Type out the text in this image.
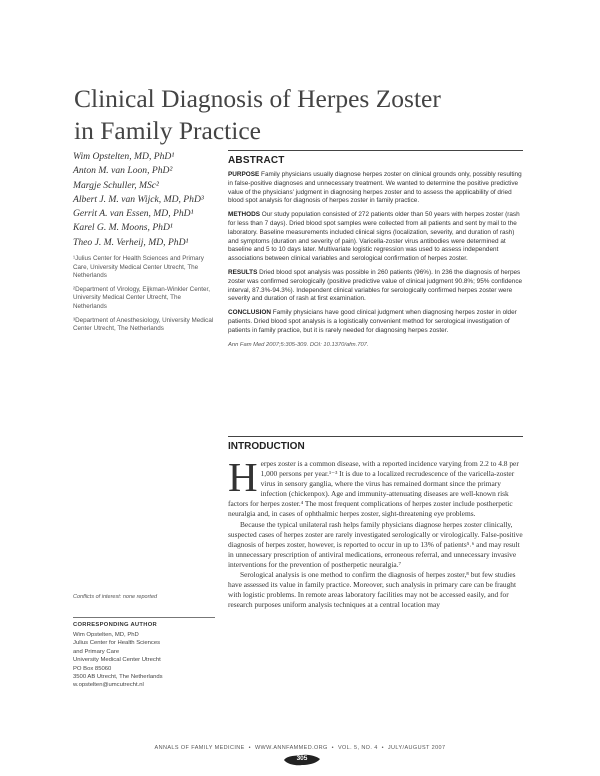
Clinical Diagnosis of Herpes Zoster
in Family Practice
Wim Opstelten, MD, PhD¹
Anton M. van Loon, PhD²
Margje Schuller, MSc²
Albert J. M. van Wijck, MD, PhD³
Gerrit A. van Essen, MD, PhD¹
Karel G. M. Moons, PhD¹
Theo J. M. Verheij, MD, PhD¹
¹Julius Center for Health Sciences and Primary Care, University Medical Center Utrecht, The Netherlands
²Department of Virology, Eijkman-Winkler Center, University Medical Center Utrecht, The Netherlands
³Department of Anesthesiology, University Medical Center Utrecht, The Netherlands
ABSTRACT

PURPOSE Family physicians usually diagnose herpes zoster on clinical grounds only, possibly resulting in false-positive diagnoses and unnecessary treatment. We wanted to determine the positive predictive value of the physicians' judgment in diagnosing herpes zoster and to assess the applicability of dried blood spot analysis for diagnosis of herpes zoster in family practice.

METHODS Our study population consisted of 272 patients older than 50 years with herpes zoster (rash for less than 7 days). Dried blood spot samples were collected from all patients and sent by mail to the laboratory. Baseline measurements included clinical signs (localization, severity, and duration of rash) and symptoms (duration and severity of pain). Varicella-zoster virus antibodies were determined at baseline and 5 to 10 days later. Multivariate logistic regression was used to assess independent associations between clinical variables and serological confirmation of herpes zoster.

RESULTS Dried blood spot analysis was possible in 260 patients (96%). In 236 the diagnosis of herpes zoster was confirmed serologically (positive predictive value of clinical judgment 90.8%; 95% confidence interval, 87.3%-94.3%). Independent clinical variables for serologically confirmed herpes zoster were severity and duration of rash at first examination.

CONCLUSION Family physicians have good clinical judgment when diagnosing herpes zoster in older patients. Dried blood spot analysis is a logistically convenient method for serological investigation of patients in family practice, but it is rarely needed for diagnosing herpes zoster.

Ann Fam Med 2007;5:305-309. DOI: 10.1370/afm.707.
INTRODUCTION

Herpes zoster is a common disease, with a reported incidence varying from 2.2 to 4.8 per 1,000 persons per year.¹⁻³ It is due to a localized recrudescence of the varicella-zoster virus in sensory ganglia, where the virus has remained dormant since the primary infection (chickenpox). Age and immunity-attenuating diseases are well-known risk factors for herpes zoster.⁴ The most frequent complications of herpes zoster include postherpetic neuralgia and, in cases of ophthalmic herpes zoster, sight-threatening eye problems.

Because the typical unilateral rash helps family physicians diagnose herpes zoster clinically, suspected cases of herpes zoster are rarely investigated serologically or virologically. False-positive diagnosis of herpes zoster, however, is reported to occur in up to 13% of patients⁵˒⁶ and may result in unnecessary prescription of antiviral medications, erroneous referral, and unnecessary invasive interventions for the prevention of postherpetic neuralgia.⁷

Serological analysis is one method to confirm the diagnosis of herpes zoster,⁸ but few studies have assessed its value in family practice. Moreover, such analysis in primary care can be fraught with logistic problems. In remote areas laboratory facilities may not be accessed easily, and for research purposes uniform analysis techniques at a central location may

Conflicts of interest: none reported
CORRESPONDING AUTHOR
Wim Opstelten, MD, PhD
Julius Center for Health Sciences
and Primary Care
University Medical Center Utrecht
PO Box 85060
3500 AB Utrecht, The Netherlands
w.opstelten@umcutrecht.nl
ANNALS OF FAMILY MEDICINE • WWW.ANNFAMMED.ORG • VOL. 5, NO. 4 • JULY/AUGUST 2007
305
